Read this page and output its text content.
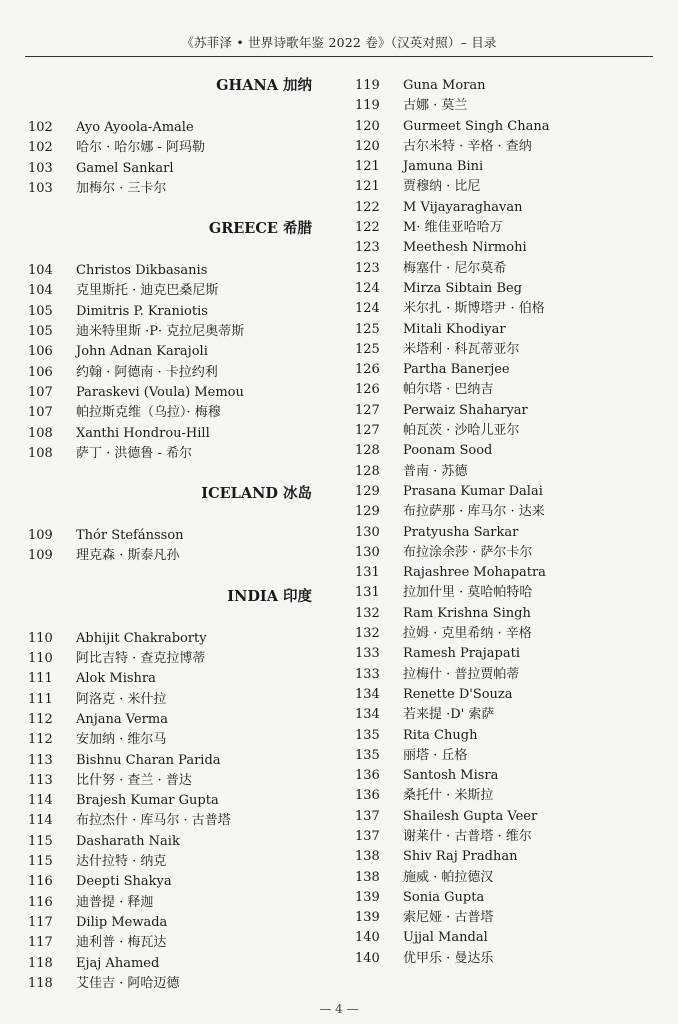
《苏菲泽 • 世界诗歌年鉴 2022 卷》（汉英对照）– 目录
GHANA 加纳
102	Ayo Ayoola-Amale
102	哈尔 · 哈尔娜 - 阿玛勒
103	Gamel Sankarl
103	加梅尔 · 三卡尔
GREECE 希腊
104	Christos Dikbasanis
104	克里斯托 · 迪克巴桑尼斯
105	Dimitris P. Kraniotis
105	迪米特里斯 ·P· 克拉尼奥蒂斯
106	John Adnan Karajoli
106	约翰 · 阿德南 · 卡拉约利
107	Paraskevi (Voula) Memou
107	帕拉斯克维（乌拉）· 梅穆
108	Xanthi Hondrou-Hill
108	萨丁 · 洪德鲁 - 希尔
ICELAND 冰岛
109	Thór Stefánsson
109	理克森 · 斯泰凡孙
INDIA 印度
110	Abhijit Chakraborty
110	阿比吉特 · 查克拉博蒂
111	Alok Mishra
111	阿洛克 · 米什拉
112	Anjana Verma
112	安加纳 · 维尔马
113	Bishnu Charan Parida
113	比什努 · 查兰 · 普达
114	Brajesh Kumar Gupta
114	布拉杰什 · 库马尔 · 古普塔
115	Dasharath Naik
115	达什拉特 · 纳克
116	Deepti Shakya
116	迪普提 · 释迦
117	Dilip Mewada
117	迪利普 · 梅瓦达
118	Ejaj Ahamed
118	艾佳吉 · 阿哈迈德
119	Guna Moran
119	古娜 · 莫兰
120	Gurmeet Singh Chana
120	古尔米特 · 辛格 · 查纳
121	Jamuna Bini
121	贾穆纳 · 比尼
122	M Vijayaraghavan
122	M· 维佳亚哈哈万
123	Meethesh Nirmohi
123	梅塞什 · 尼尔莫希
124	Mirza Sibtain Beg
124	米尔扎 · 斯博塔尹 · 伯格
125	Mitali Khodiyar
125	米塔利 · 科瓦蒂亚尔
126	Partha Banerjee
126	帕尔塔 · 巴纳吉
127	Perwaiz Shaharyar
127	帕瓦茨 · 沙哈儿亚尔
128	Poonam Sood
128	普南 · 苏德
129	Prasana Kumar Dalai
129	布拉萨那 · 库马尔 · 达来
130	Pratyusha Sarkar
130	布拉涂余莎 · 萨尔卡尔
131	Rajashree Mohapatra
131	拉加什里 · 莫哈帕特哈
132	Ram Krishna Singh
132	拉姆 · 克里希纳 · 辛格
133	Ramesh Prajapati
133	拉梅什 · 普拉贾帕蒂
134	Renette D'Souza
134	若来提 ·D' 索萨
135	Rita Chugh
135	丽塔 · 丘格
136	Santosh Misra
136	桑托什 · 米斯拉
137	Shailesh Gupta Veer
137	谢莱什 · 古普塔 · 维尔
138	Shiv Raj Pradhan
138	施威 · 帕拉德汉
139	Sonia Gupta
139	索尼娅 · 古普塔
140	Ujjal Mandal
140	优甲乐 · 曼达乐
— 4 —
